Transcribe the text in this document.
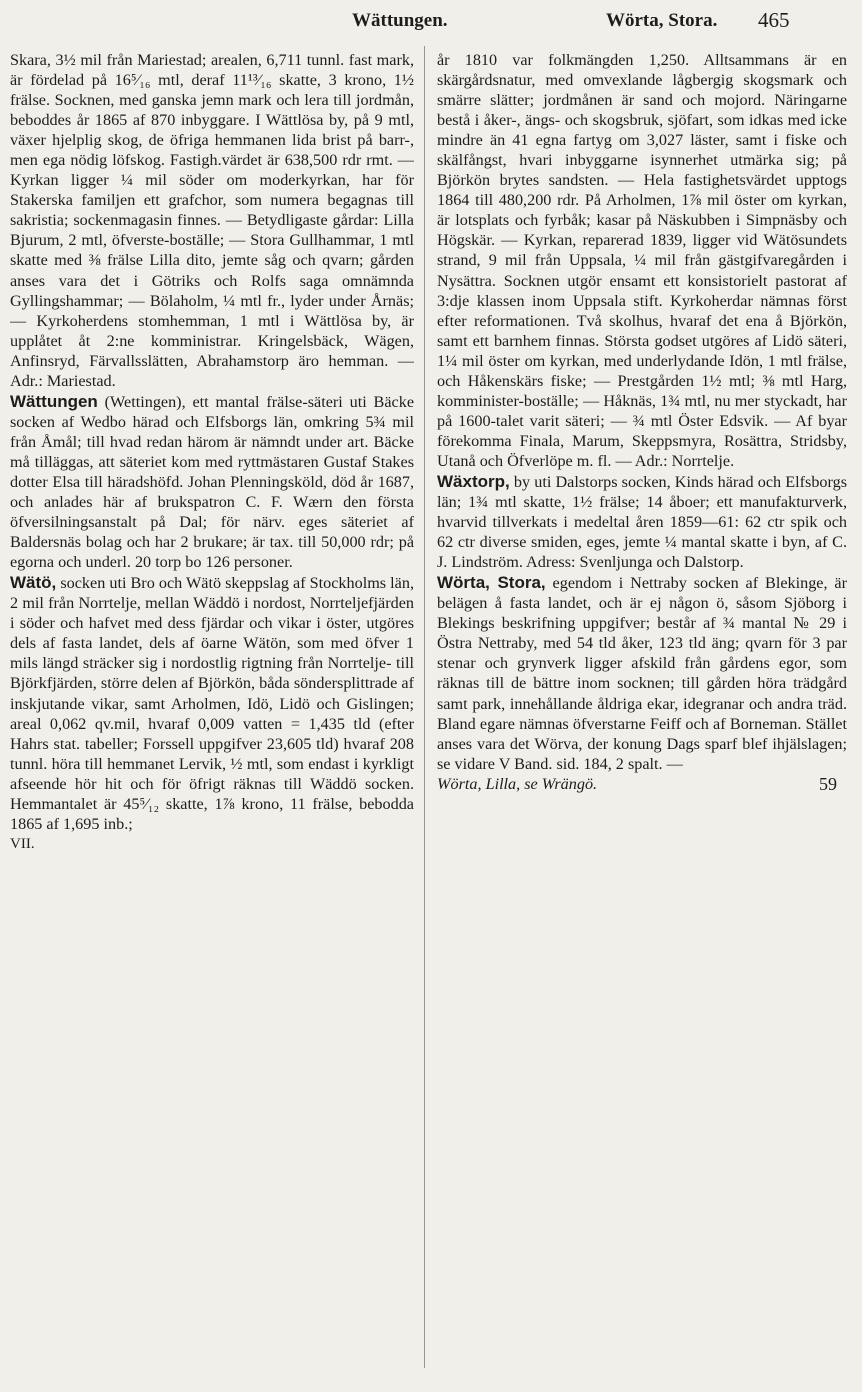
Wättungen.	Wörta, Stora. 465

Skara, 3½ mil från Mariestad; arealen, 6,711 tunnl. fast mark, är fördelad på 16⁵⁄₁₆ mtl, deraf 11¹³⁄₁₆ skatte, 3 krono, 1½ frälse. Socknen, med ganska jemn mark och lera till jordmån, beboddes år 1865 af 870 inbyggare. I Wättlösa by, på 9 mtl, växer hjelplig skog, de öfriga hemmanen lida brist på barr-, men ega nödig löfskog. Fastigh.värdet är 638,500 rdr rmt. — Kyrkan ligger ¼ mil söder om moderkyrkan, har för Stakerska familjen ett grafchor, som numera begagnas till sakristia; sockenmagasin finnes. — Betydligaste gårdar: Lilla Bjurum, 2 mtl, öfverste-boställe; — Stora Gullhammar, 1 mtl skatte med ⅜ frälse Lilla dito, jemte såg och qvarn; gården anses vara det i Götriks och Rolfs saga omnämnda Gyllingshammar; — Bölaholm, ¼ mtl fr., lyder under Årnäs; — Kyrkoherdens stomhemman, 1 mtl i Wättlösa by, är upplåtet åt 2:ne komministrar. Kringelsbäck, Wägen, Anfinsryd, Färvallsslätten, Abrahamstorp äro hemman. — Adr.: Mariestad.

Wättungen (Wettingen), ett mantal frälse-säteri uti Bäcke socken af Wedbo härad och Elfsborgs län, omkring 5¾ mil från Åmål; till hvad redan härom är nämndt under art. Bäcke må tilläggas, att säteriet kom med ryttmästaren Gustaf Stakes dotter Elsa till häradshöfd. Johan Plenningsköld, död år 1687, och anlades här af brukspatron C. F. Wærn den första öfversilningsanstalt på Dal; för närv. eges säteriet af Baldersnäs bolag och har 2 brukare; är tax. till 50,000 rdr; på egorna och underl. 20 torp bo 126 personer.

Wätö, socken uti Bro och Wätö skeppslag af Stockholms län, 2 mil från Norrtelje, mellan Wäddö i nordost, Norrteljefjärden i söder och hafvet med dess fjärdar och vikar i öster, utgöres dels af fasta landet, dels af öarne Wätön, som med öfver 1 mils längd sträcker sig i nordostlig rigtning från Norrtelje- till Björkfjärden, större delen af Björkön, båda söndersplittrade af inskjutande vikar, samt Arholmen, Idö, Lidö och Gislingen; areal 0,062 qv.mil, hvaraf 0,009 vatten = 1,435 tld (efter Hahrs stat. tabeller; Forssell uppgifver 23,605 tld) hvaraf 208 tunnl. höra till hemmanet Lervik, ½ mtl, som endast i kyrkligt afseende hör hit och för öfrigt räknas till Wäddö socken. Hemmantalet är 45⁵⁄₁₂ skatte, 1⅞ krono, 11 frälse, bebodda 1865 af 1,695 inb.;

VII.

år 1810 var folkmängden 1,250. Alltsammans är en skärgårdsnatur, med omvexlande lågbergig skogsmark och smärre slätter; jordmånen är sand och mojord. Näringarne bestå i åker-, ängs- och skogsbruk, sjöfart, som idkas med icke mindre än 41 egna fartyg om 3,027 läster, samt i fiske och skälfångst, hvari inbyggarne isynnerhet utmärka sig; på Björkön brytes sandsten. — Hela fastighetsvärdet upptogs 1864 till 480,200 rdr. På Arholmen, 1⅞ mil öster om kyrkan, är lotsplats och fyrbåk; kasar på Näskubben i Simpnäsby och Högskär. — Kyrkan, reparerad 1839, ligger vid Wätösundets strand, 9 mil från Uppsala, ¼ mil från gästgifvaregården i Nysättra. Socknen utgör ensamt ett konsistorielt pastorat af 3:dje klassen inom Uppsala stift. Kyrkoherdar nämnas först efter reformationen. Två skolhus, hvaraf det ena å Björkön, samt ett barnhem finnas. Största godset utgöres af Lidö säteri, 1¼ mil öster om kyrkan, med underlydande Idön, 1 mtl frälse, och Håkenskärs fiske; — Prestgården 1½ mtl; ⅜ mtl Harg, komminister-boställe; — Håknäs, 1¾ mtl, nu mer styckadt, har på 1600-talet varit säteri; — ¾ mtl Öster Edsvik. — Af byar förekomma Finala, Marum, Skeppsmyra, Rosättra, Stridsby, Utanå och Öfverlöpe m. fl. — Adr.: Norrtelje.

Wäxtorp, by uti Dalstorps socken, Kinds härad och Elfsborgs län; 1¾ mtl skatte, 1½ frälse; 14 åboer; ett manufakturverk, hvarvid tillverkats i medeltal åren 1859—61: 62 ctr spik och 62 ctr diverse smiden, eges, jemte ¼ mantal skatte i byn, af C. J. Lindström. Adress: Svenljunga och Dalstorp.

Wörta, Stora, egendom i Nettraby socken af Blekinge, är belägen å fasta landet, och är ej någon ö, såsom Sjöborg i Blekings beskrifning uppgifver; består af ¾ mantal № 29 i Östra Nettraby, med 54 tld åker, 123 tld äng; qvarn för 3 par stenar och grynverk ligger afskild från gårdens egor, som räknas till de bättre inom socknen; till gården höra trädgård samt park, innehållande åldriga ekar, idegranar och andra träd. Bland egare nämnas öfverstarne Feiff och af Borneman. Stället anses vara det Wörva, der konung Dags sparf blef ihjälslagen; se vidare V Band. sid. 184, 2 spalt. —

Wörta, Lilla, se Wrängö.	59
